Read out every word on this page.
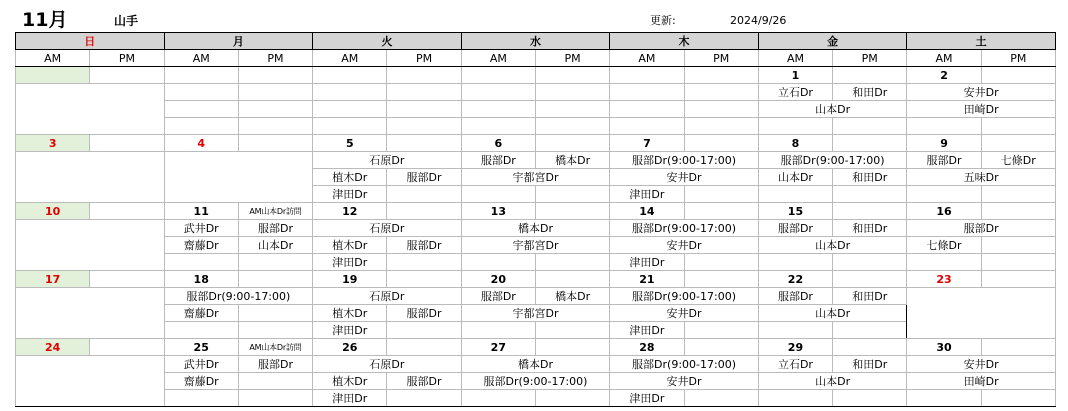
11月	山手	更新:	2024/9/26
日		月		火		水		木		金		土	
AM	PM	AM	PM	AM	PM	AM	PM	AM	PM	AM	PM	AM	PM
										1		2	
										立石Dr	和田Dr	安井Dr	
										山本Dr		田崎Dr	

3		4		5		6		7		8		9	
				石原Dr		服部Dr	橋本Dr	服部Dr(9:00-17:00)		服部Dr(9:00-17:00)		服部Dr	七條Dr
				植木Dr	服部Dr	宇都宮Dr		安井Dr		山本Dr	和田Dr	五味Dr	
				津田Dr				津田Dr					
10		11	AM山本Dr訪問	12		13		14		15		16	
		武井Dr	服部Dr	石原Dr		橋本Dr		服部Dr(9:00-17:00)		服部Dr	和田Dr	服部Dr	
		齋藤Dr	山本Dr	植木Dr	服部Dr	宇都宮Dr		安井Dr		山本Dr		七條Dr	
				津田Dr				津田Dr					
17		18		19		20		21		22		23	
		服部Dr(9:00-17:00)		石原Dr		服部Dr	橋本Dr	服部Dr(9:00-17:00)		服部Dr	和田Dr		
		齋藤Dr		植木Dr	服部Dr	宇都宮Dr		安井Dr		山本Dr			
				津田Dr				津田Dr					
24		25	AM山本Dr訪問	26		27		28		29		30	
		武井Dr	服部Dr	石原Dr		橋本Dr		服部Dr(9:00-17:00)		立石Dr	和田Dr	安井Dr	
		齋藤Dr		植木Dr	服部Dr	服部Dr(9:00-17:00)		安井Dr		山本Dr		田崎Dr	
				津田Dr				津田Dr					
